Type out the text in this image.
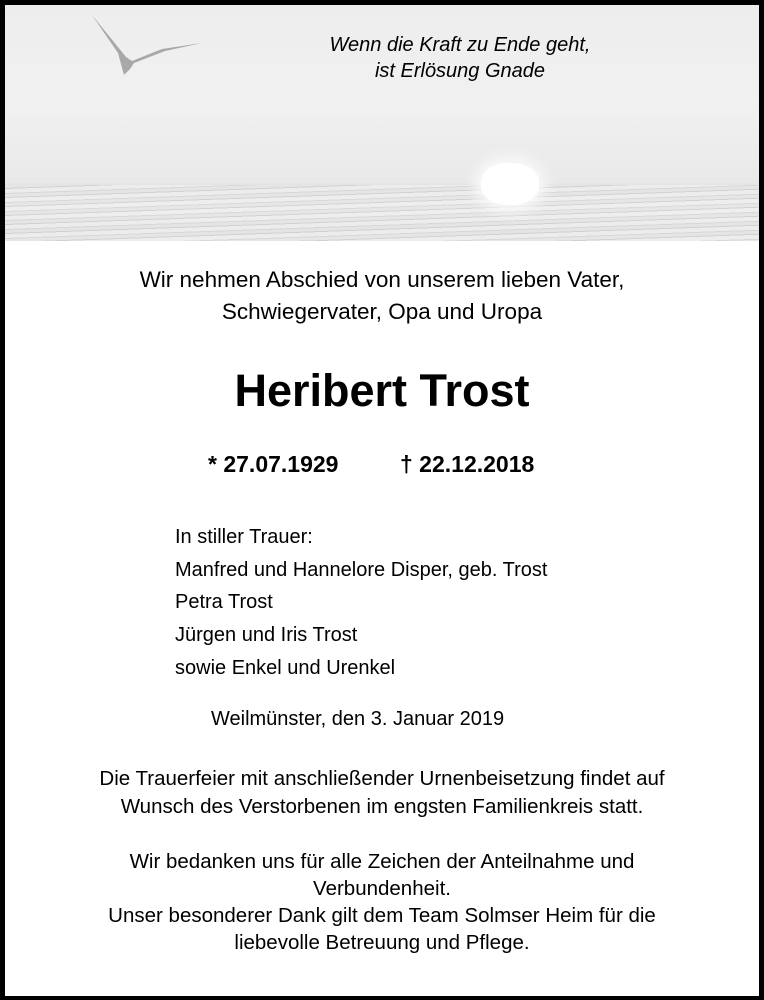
Wenn die Kraft zu Ende geht,
ist Erlösung Gnade
Wir nehmen Abschied von unserem lieben Vater,
Schwiegervater, Opa und Uropa
Heribert Trost
* 27.07.1929	† 22.12.2018
In stiller Trauer:
Manfred und Hannelore Disper, geb. Trost
Petra Trost
Jürgen und Iris Trost
sowie Enkel und Urenkel
Weilmünster, den 3. Januar 2019
Die Trauerfeier mit anschließender Urnenbeisetzung findet auf
Wunsch des Verstorbenen im engsten Familienkreis statt.
Wir bedanken uns für alle Zeichen der Anteilnahme und
Verbundenheit.
Unser besonderer Dank gilt dem Team Solmser Heim für die
liebevolle Betreuung und Pflege.
